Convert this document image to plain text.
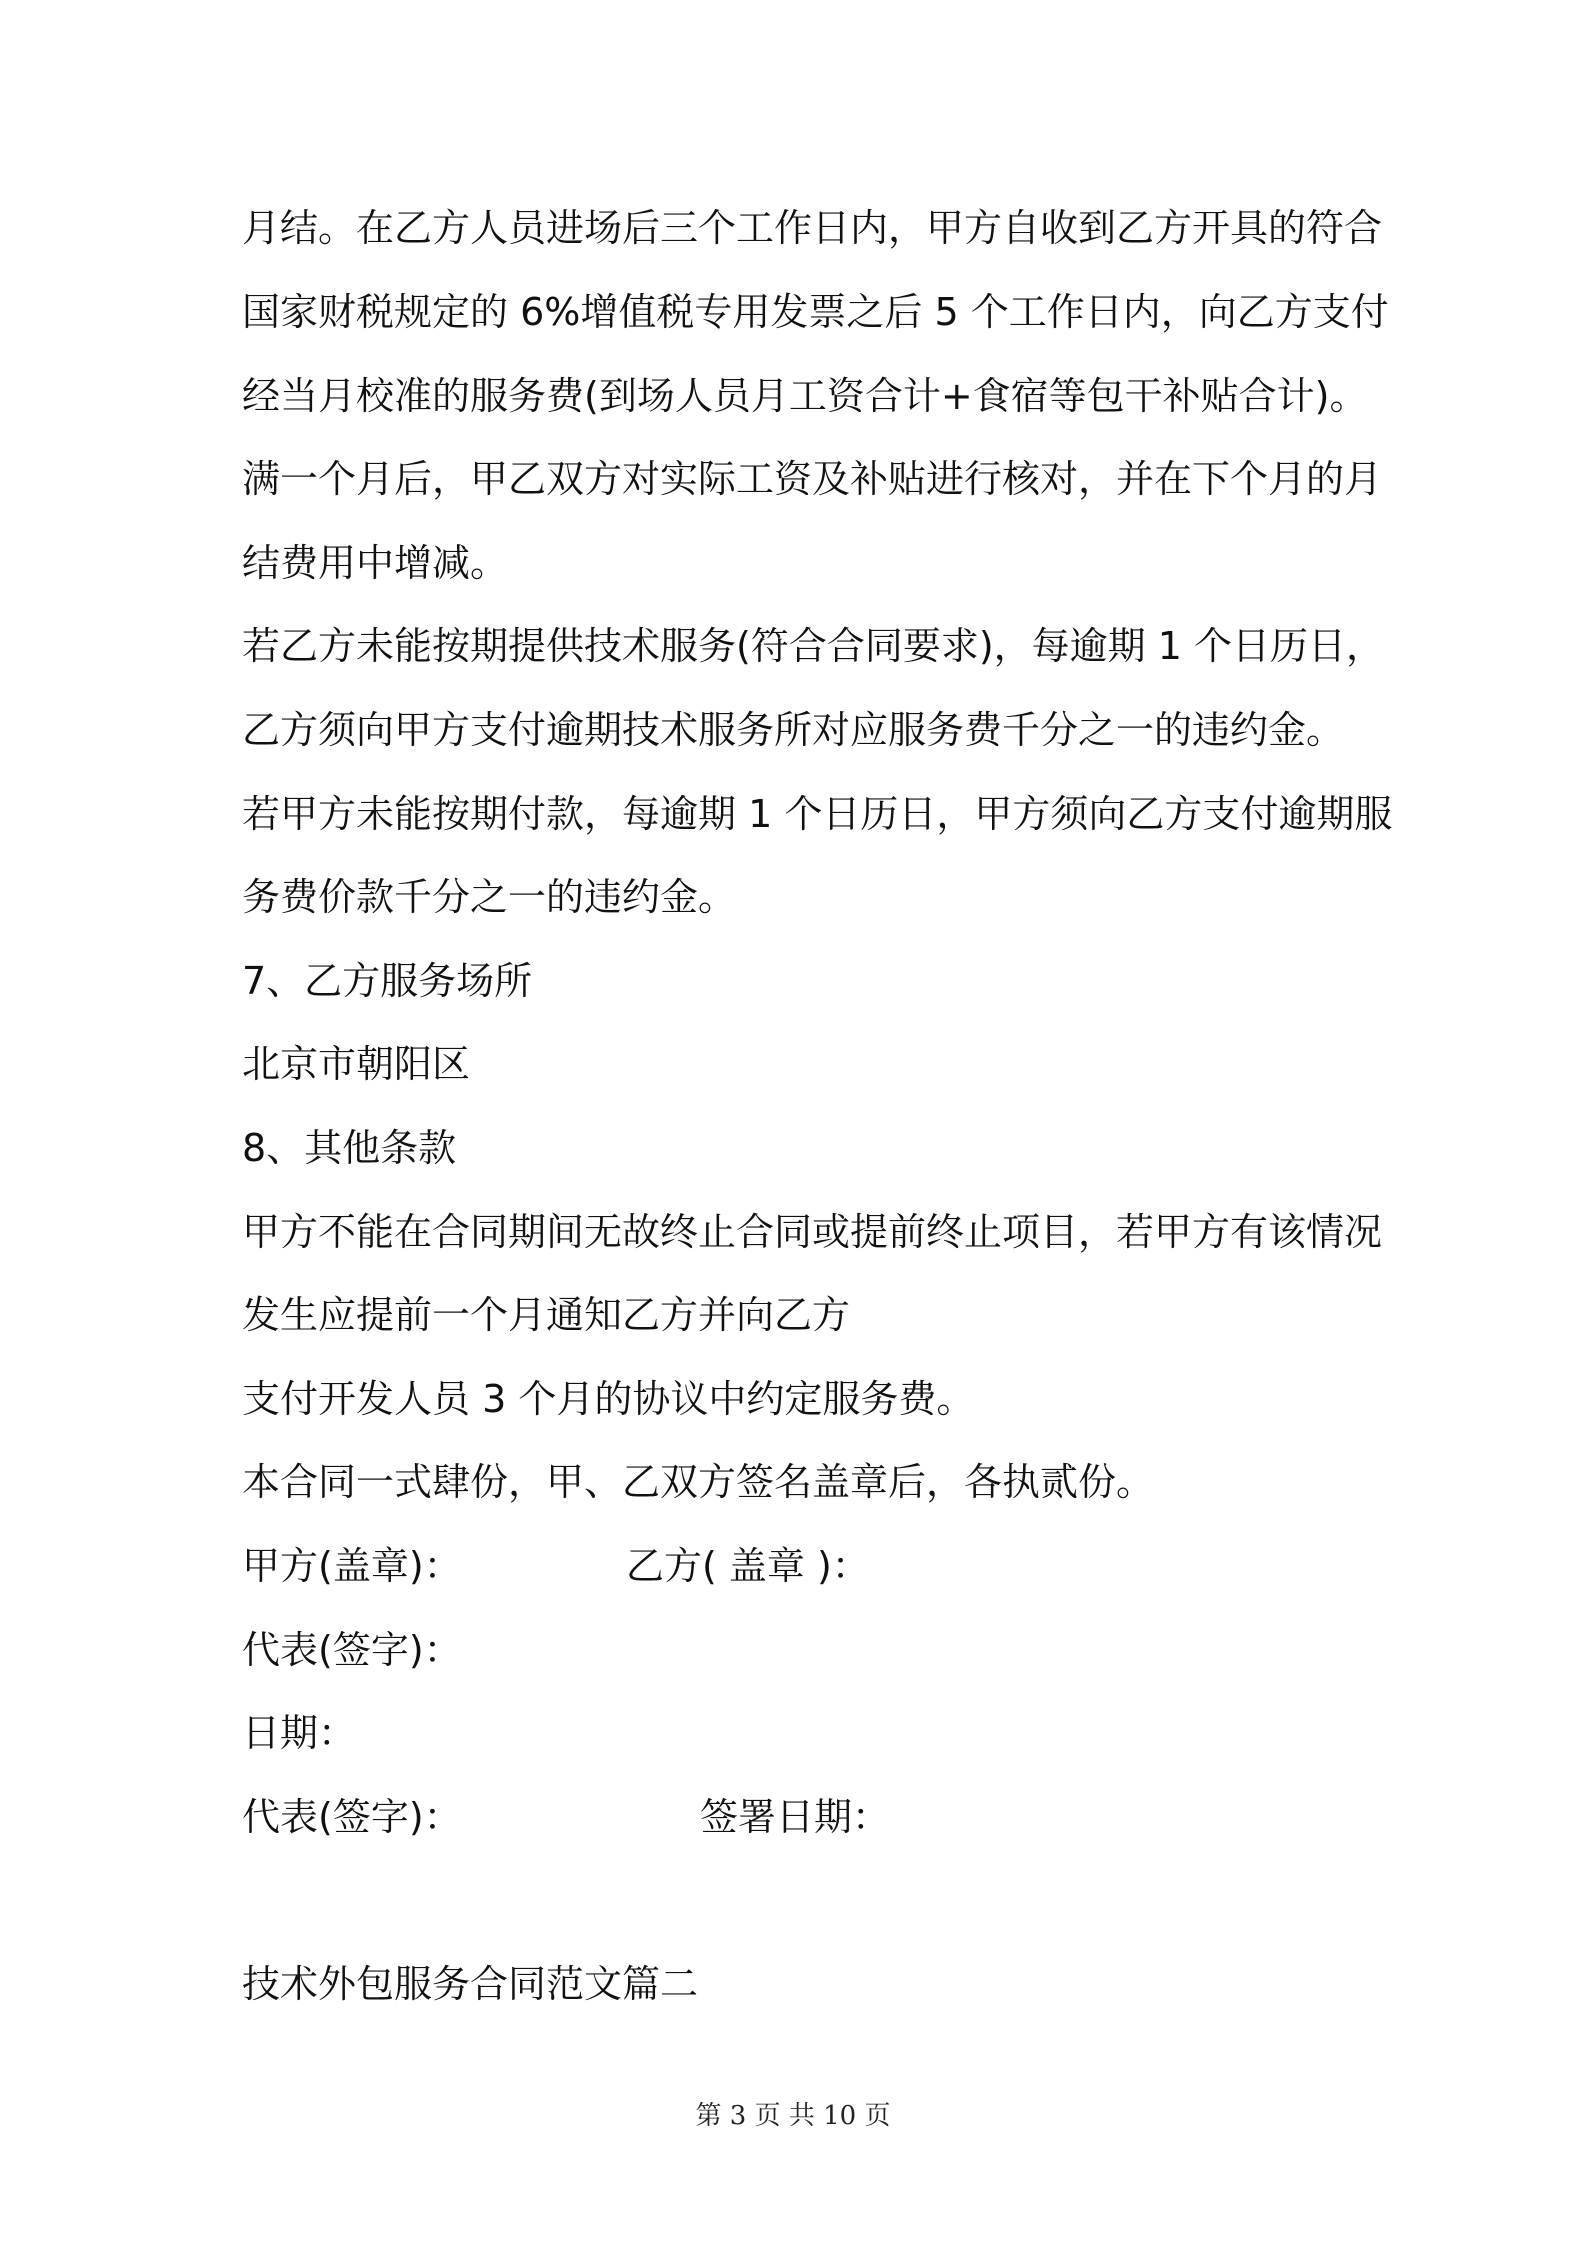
月结。在乙方人员进场后三个工作日内，甲方自收到乙方开具的符合
国家财税规定的 6%增值税专用发票之后 5 个工作日内，向乙方支付
经当月校准的服务费(到场人员月工资合计+食宿等包干补贴合计)。
满一个月后，甲乙双方对实际工资及补贴进行核对，并在下个月的月
结费用中增减。
若乙方未能按期提供技术服务(符合合同要求)，每逾期 1 个日历日，
乙方须向甲方支付逾期技术服务所对应服务费千分之一的违约金。
若甲方未能按期付款，每逾期 1 个日历日，甲方须向乙方支付逾期服
务费价款千分之一的违约金。
7、乙方服务场所
北京市朝阳区
8、其他条款
甲方不能在合同期间无故终止合同或提前终止项目，若甲方有该情况
发生应提前一个月通知乙方并向乙方
支付开发人员 3 个月的协议中约定服务费。
本合同一式肆份，甲、乙双方签名盖章后，各执贰份。
甲方(盖章)：	乙方( 盖章 )：
代表(签字)：
日期：
代表(签字)：	签署日期：
技术外包服务合同范文篇二
第 3 页 共 10 页
